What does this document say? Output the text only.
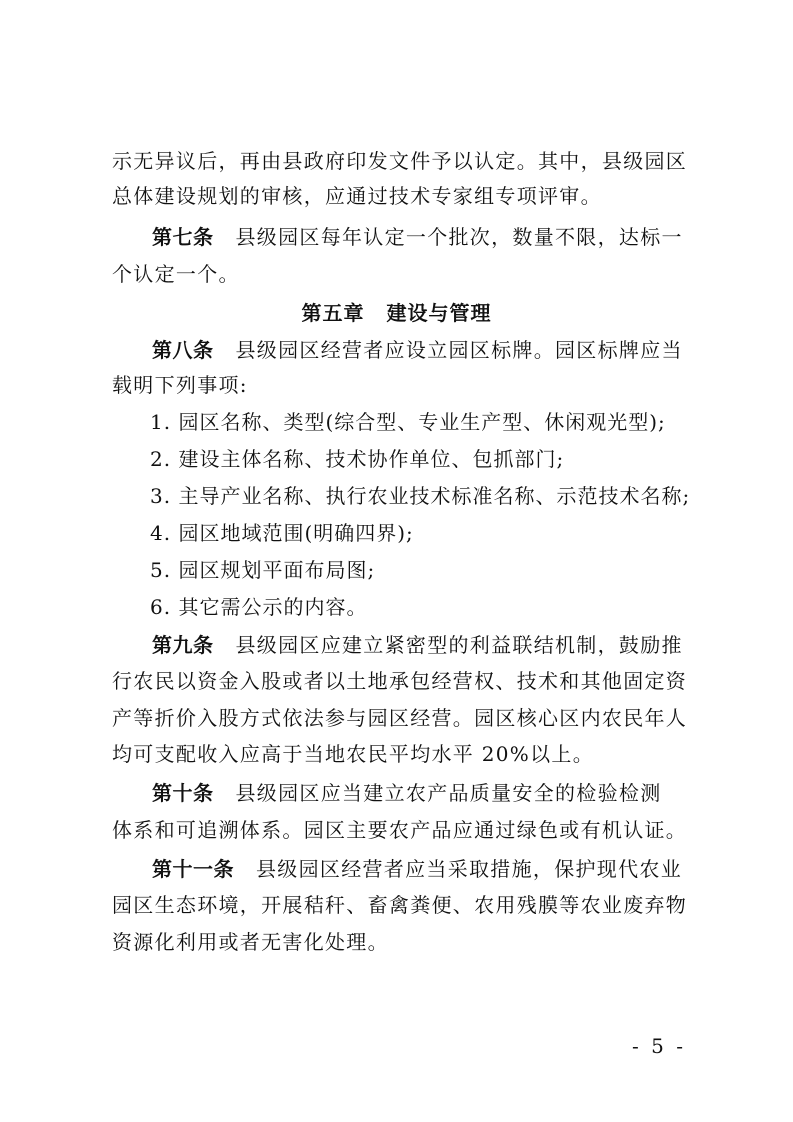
示无异议后，再由县政府印发文件予以认定。其中，县级园区
总体建设规划的审核，应通过技术专家组专项评审。
第七条 县级园区每年认定一个批次，数量不限，达标一
个认定一个。
第五章 建设与管理
第八条 县级园区经营者应设立园区标牌。园区标牌应当
载明下列事项:
1. 园区名称、类型(综合型、专业生产型、休闲观光型);
2. 建设主体名称、技术协作单位、包抓部门;
3. 主导产业名称、执行农业技术标准名称、示范技术名称;
4. 园区地域范围(明确四界);
5. 园区规划平面布局图;
6. 其它需公示的内容。
第九条 县级园区应建立紧密型的利益联结机制，鼓励推
行农民以资金入股或者以土地承包经营权、技术和其他固定资
产等折价入股方式依法参与园区经营。园区核心区内农民年人
均可支配收入应高于当地农民平均水平 20%以上。
第十条 县级园区应当建立农产品质量安全的检验检测
体系和可追溯体系。园区主要农产品应通过绿色或有机认证。
第十一条 县级园区经营者应当采取措施，保护现代农业
园区生态环境，开展秸秆、畜禽粪便、农用残膜等农业废弃物
资源化利用或者无害化处理。
- 5 -
